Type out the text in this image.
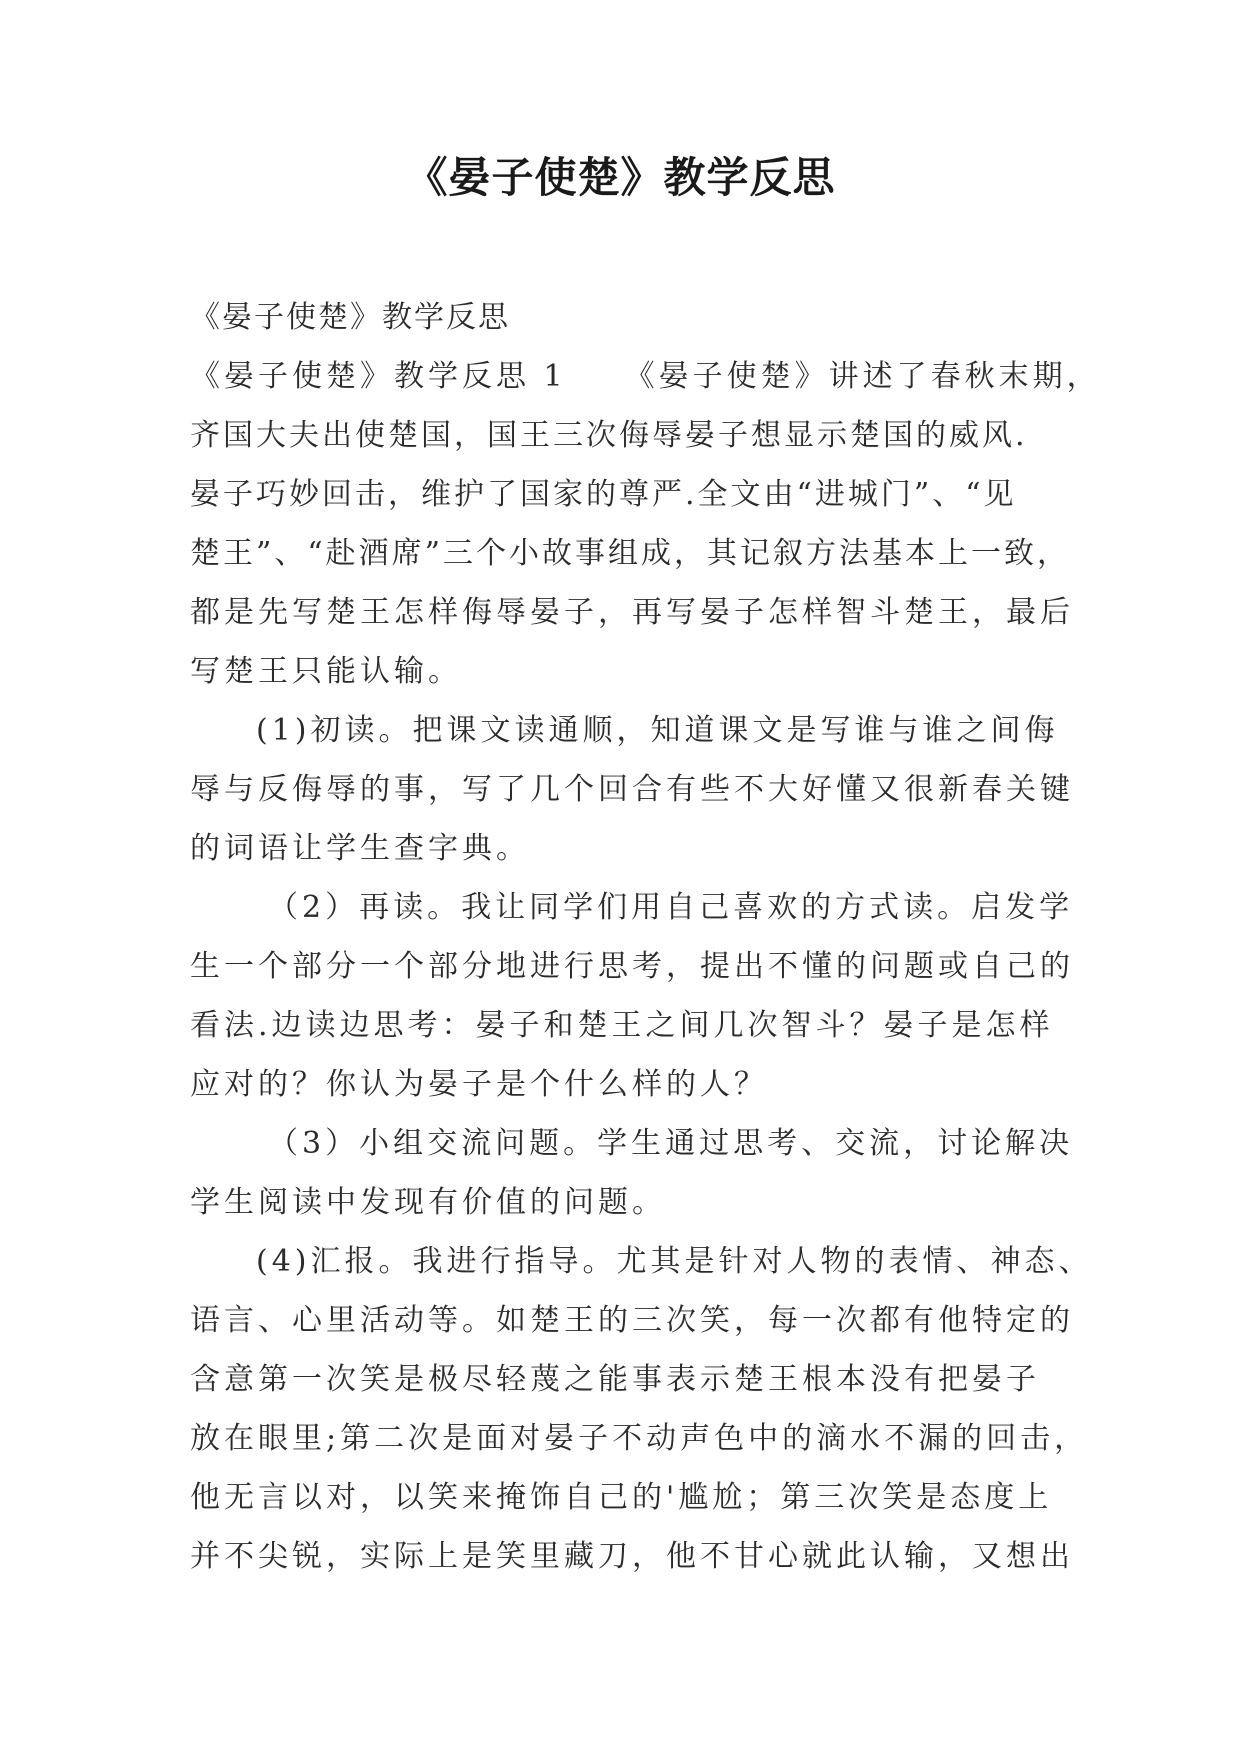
《晏子使楚》教学反思
《晏子使楚》教学反思
《晏子使楚》教学反思 1 《晏子使楚》讲述了春秋末期，
齐国大夫出使楚国，国王三次侮辱晏子想显示楚国的威风.
晏子巧妙回击，维护了国家的尊严.全文由“进城门”、“见
楚王”、“赴酒席”三个小故事组成，其记叙方法基本上一致，
都是先写楚王怎样侮辱晏子，再写晏子怎样智斗楚王，最后
写楚王只能认输。
(1)初读。把课文读通顺，知道课文是写谁与谁之间侮
辱与反侮辱的事，写了几个回合有些不大好懂又很新春关键
的词语让学生查字典。
（2）再读。我让同学们用自己喜欢的方式读。启发学
生一个部分一个部分地进行思考，提出不懂的问题或自己的
看法.边读边思考：晏子和楚王之间几次智斗？晏子是怎样
应对的？你认为晏子是个什么样的人？
（3）小组交流问题。学生通过思考、交流，讨论解决
学生阅读中发现有价值的问题。
(4)汇报。我进行指导。尤其是针对人物的表情、神态、
语言、心里活动等。如楚王的三次笑，每一次都有他特定的
含意第一次笑是极尽轻蔑之能事表示楚王根本没有把晏子
放在眼里;第二次是面对晏子不动声色中的滴水不漏的回击，
他无言以对，以笑来掩饰自己的'尴尬；第三次笑是态度上
并不尖锐，实际上是笑里藏刀，他不甘心就此认输，又想出
